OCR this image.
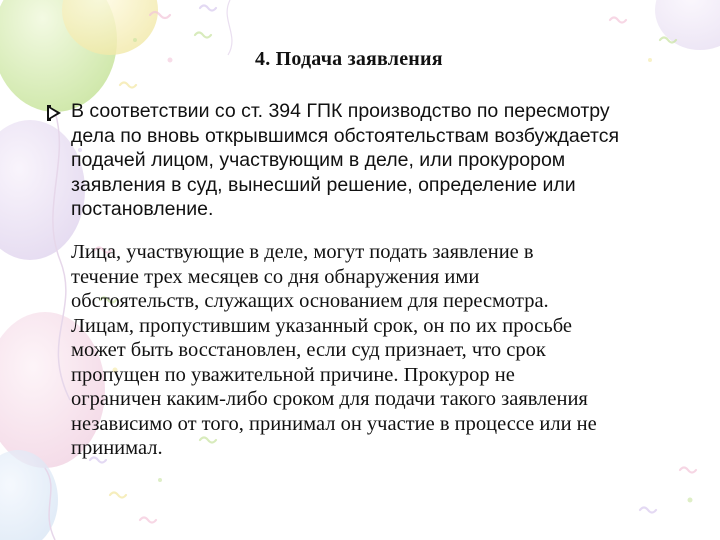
4. Подача заявления
В соответствии со ст. 394 ГПК производство по пересмотру
дела по вновь открывшимся обстоятельствам возбуждается
подачей лицом, участвующим в деле, или прокурором
заявления в суд, вынесший решение, определение или
постановление.
Лица, участвующие в деле, могут подать заявление в
течение трех месяцев со дня обнаружения ими
обстоятельств, служащих основанием для пересмотра.
Лицам, пропустившим указанный срок, он по их просьбе
может быть восстановлен, если суд признает, что срок
пропущен по уважительной причине. Прокурор не
ограничен каким-либо сроком для подачи такого заявления
независимо от того, принимал он участие в процессе или не
принимал.
